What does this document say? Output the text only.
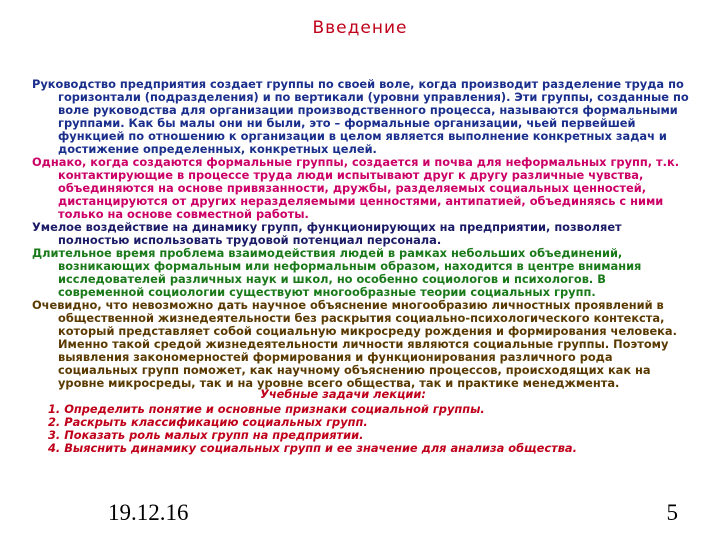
Введение

Руководство предприятия создает группы по своей воле, когда производит разделение труда по горизонтали (подразделения) и по вертикали (уровни управления). Эти группы, созданные по воле руководства для организации производственного процесса, называются формальными группами. Как бы малы они ни были, это – формальные организации, чьей первейшей функцией по отношению к организации в целом является выполнение конкретных задач и достижение определенных, конкретных целей.

Однако, когда создаются формальные группы, создается и почва для неформальных групп, т.к. контактирующие в процессе труда люди испытывают друг к другу различные чувства, объединяются на основе привязанности, дружбы, разделяемых социальных ценностей, дистанцируются от других неразделяемыми ценностями, антипатией, объединяясь с ними только на основе совместной работы.

Умелое воздействие на динамику групп, функционирующих на предприятии, позволяет полностью использовать трудовой потенциал персонала.

Длительное время проблема взаимодействия людей в рамках небольших объединений, возникающих формальным или неформальным образом, находится в центре внимания исследователей различных наук и школ, но особенно социологов и психологов. В современной социологии существуют многообразные теории социальных групп.

Очевидно, что невозможно дать научное объяснение многообразию личностных проявлений в общественной жизнедеятельности без раскрытия социально-психологического контекста, который представляет собой социальную микросреду рождения и формирования человека. Именно такой средой жизнедеятельности личности являются социальные группы. Поэтому выявления закономерностей формирования и функционирования различного рода социальных групп поможет, как научному объяснению процессов, происходящих как на уровне микросреды, так и на уровне всего общества, так и практике менеджмента.

Учебные задачи лекции:

1. Определить понятие и основные признаки социальной группы.

2. Раскрыть классификацию социальных групп.

3. Показать роль малых групп на предприятии.

4. Выяснить динамику социальных групп и ее значение для анализа общества.

19.12.16	5
